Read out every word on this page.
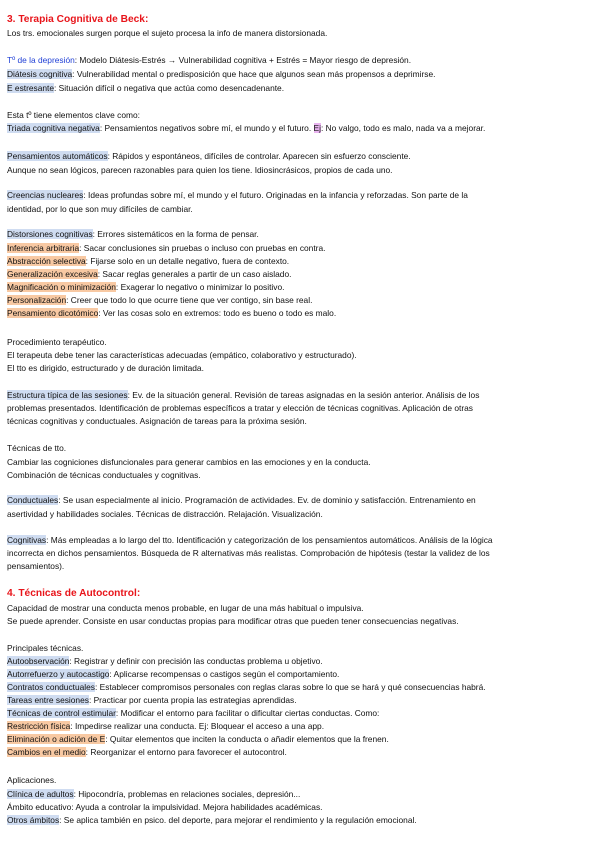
3. Terapia Cognitiva de Beck:
Los trs. emocionales surgen porque el sujeto procesa la info de manera distorsionada.
Tº de la depresión: Modelo Diátesis-Estrés → Vulnerabilidad cognitiva + Estrés = Mayor riesgo de depresión.
Diátesis cognitiva: Vulnerabilidad mental o predisposición que hace que algunos sean más propensos a deprimirse.
E estresante: Situación difícil o negativa que actúa como desencadenante.
Esta tº tiene elementos clave como:
Triada cognitiva negativa: Pensamientos negativos sobre mí, el mundo y el futuro. Ej: No valgo, todo es malo, nada va a mejorar.
Pensamientos automáticos: Rápidos y espontáneos, difíciles de controlar. Aparecen sin esfuerzo consciente.
Aunque no sean lógicos, parecen razonables para quien los tiene. Idiosincrásicos, propios de cada uno.
Creencias nucleares: Ideas profundas sobre mí, el mundo y el futuro. Originadas en la infancia y reforzadas. Son parte de la
identidad, por lo que son muy difíciles de cambiar.
Distorsiones cognitivas: Errores sistemáticos en la forma de pensar.
Inferencia arbitraria: Sacar conclusiones sin pruebas o incluso con pruebas en contra.
Abstracción selectiva: Fijarse solo en un detalle negativo, fuera de contexto.
Generalización excesiva: Sacar reglas generales a partir de un caso aislado.
Magnificación o minimización: Exagerar lo negativo o minimizar lo positivo.
Personalización: Creer que todo lo que ocurre tiene que ver contigo, sin base real.
Pensamiento dicotómico: Ver las cosas solo en extremos: todo es bueno o todo es malo.
Procedimiento terapéutico.
El terapeuta debe tener las características adecuadas (empático, colaborativo y estructurado).
El tto es dirigido, estructurado y de duración limitada.
Estructura típica de las sesiones: Ev. de la situación general. Revisión de tareas asignadas en la sesión anterior. Análisis de los
problemas presentados. Identificación de problemas específicos a tratar y elección de técnicas cognitivas. Aplicación de otras
técnicas cognitivas y conductuales. Asignación de tareas para la próxima sesión.
Técnicas de tto.
Cambiar las cogniciones disfuncionales para generar cambios en las emociones y en la conducta.
Combinación de técnicas conductuales y cognitivas.
Conductuales: Se usan especialmente al inicio. Programación de actividades. Ev. de dominio y satisfacción. Entrenamiento en
asertividad y habilidades sociales. Técnicas de distracción. Relajación. Visualización.
Cognitivas: Más empleadas a lo largo del tto. Identificación y categorización de los pensamientos automáticos. Análisis de la lógica
incorrecta en dichos pensamientos. Búsqueda de R alternativas más realistas. Comprobación de hipótesis (testar la validez de los
pensamientos).
4. Técnicas de Autocontrol:
Capacidad de mostrar una conducta menos probable, en lugar de una más habitual o impulsiva.
Se puede aprender. Consiste en usar conductas propias para modificar otras que pueden tener consecuencias negativas.
Principales técnicas.
Autoobservación: Registrar y definir con precisión las conductas problema u objetivo.
Autorrefuerzo y autocastigo: Aplicarse recompensas o castigos según el comportamiento.
Contratos conductuales: Establecer compromisos personales con reglas claras sobre lo que se hará y qué consecuencias habrá.
Tareas entre sesiones: Practicar por cuenta propia las estrategias aprendidas.
Técnicas de control estimular: Modificar el entorno para facilitar o dificultar ciertas conductas. Como:
Restricción física: Impedirse realizar una conducta. Ej: Bloquear el acceso a una app.
Eliminación o adición de E: Quitar elementos que inciten la conducta o añadir elementos que la frenen.
Cambios en el medio: Reorganizar el entorno para favorecer el autocontrol.
Aplicaciones.
Clínica de adultos: Hipocondría, problemas en relaciones sociales, depresión...
Ámbito educativo: Ayuda a controlar la impulsividad. Mejora habilidades académicas.
Otros ámbitos: Se aplica también en psico. del deporte, para mejorar el rendimiento y la regulación emocional.
